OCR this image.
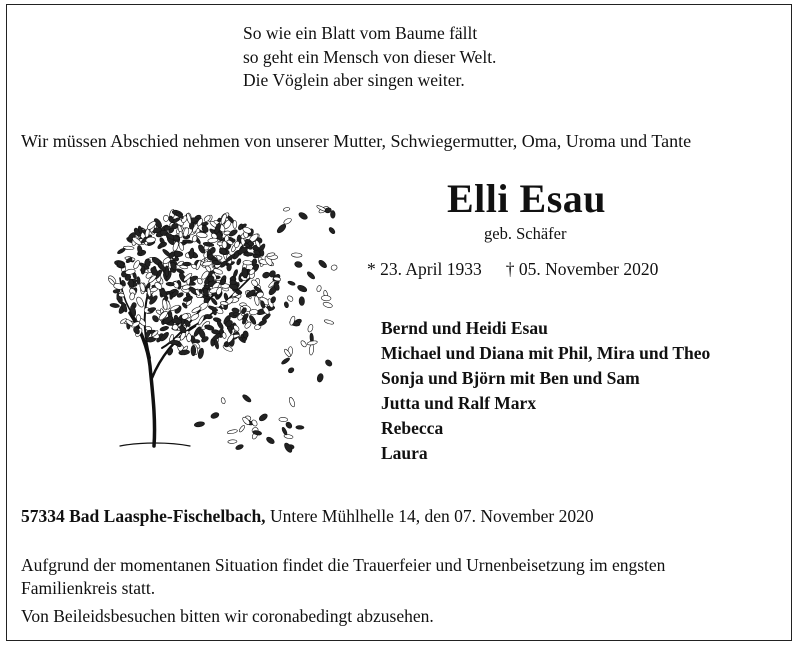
So wie ein Blatt vom Baume fällt
so geht ein Mensch von dieser Welt.
Die Vöglein aber singen weiter.
Wir müssen Abschied nehmen von unserer Mutter, Schwiegermutter, Oma, Uroma und Tante
Elli Esau
geb. Schäfer
* 23. April 1933 † 05. November 2020
Bernd und Heidi Esau
Michael und Diana mit Phil, Mira und Theo
Sonja und Björn mit Ben und Sam
Jutta und Ralf Marx
Rebecca
Laura
57334 Bad Laasphe-Fischelbach, Untere Mühlhelle 14, den 07. November 2020
Aufgrund der momentanen Situation findet die Trauerfeier und Urnenbeisetzung im engsten Familienkreis statt.
Von Beileidsbesuchen bitten wir coronabedingt abzusehen.
